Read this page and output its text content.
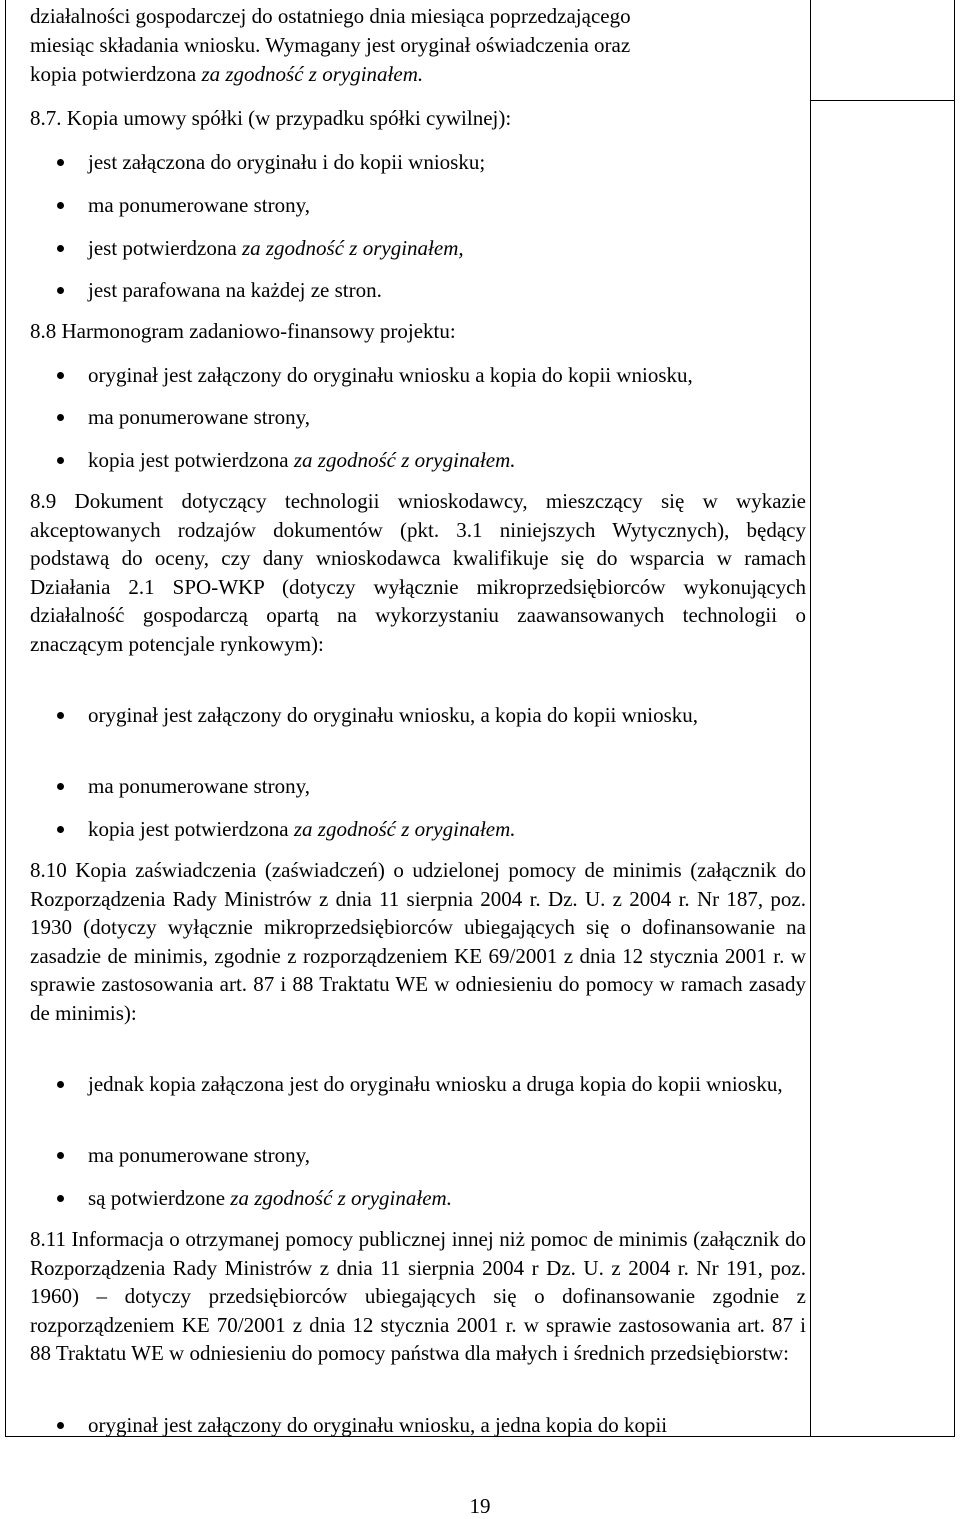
działalności gospodarczej do ostatniego dnia miesiąca poprzedzającego
miesiąc składania wniosku. Wymagany jest oryginał oświadczenia oraz
kopia potwierdzona za zgodność z oryginałem.
8.7. Kopia umowy spółki (w przypadku spółki cywilnej):
jest załączona do oryginału i do kopii wniosku;
ma ponumerowane strony,
jest potwierdzona za zgodność z oryginałem,
jest parafowana na każdej ze stron.
8.8 Harmonogram zadaniowo-finansowy projektu:
oryginał jest załączony do oryginału wniosku a kopia do kopii wniosku,
ma ponumerowane strony,
kopia jest potwierdzona za zgodność z oryginałem.
8.9 Dokument dotyczący technologii wnioskodawcy, mieszczący się w wykazie akceptowanych rodzajów dokumentów (pkt. 3.1 niniejszych Wytycznych), będący podstawą do oceny, czy dany wnioskodawca kwalifikuje się do wsparcia w ramach Działania 2.1 SPO-WKP (dotyczy wyłącznie mikroprzedsiębiorców wykonujących działalność gospodarczą opartą na wykorzystaniu zaawansowanych technologii o znaczącym potencjale rynkowym):
oryginał jest załączony do oryginału wniosku, a kopia do kopii wniosku,
ma ponumerowane strony,
kopia jest potwierdzona za zgodność z oryginałem.
8.10 Kopia zaświadczenia (zaświadczeń) o udzielonej pomocy de minimis (załącznik do Rozporządzenia Rady Ministrów z dnia 11 sierpnia 2004 r. Dz. U. z 2004 r. Nr 187, poz. 1930 (dotyczy wyłącznie mikroprzedsiębiorców ubiegających się o dofinansowanie na zasadzie de minimis, zgodnie z rozporządzeniem KE 69/2001 z dnia 12 stycznia 2001 r. w sprawie zastosowania art. 87 i 88 Traktatu WE w odniesieniu do pomocy w ramach zasady de minimis):
jednak kopia załączona jest do oryginału wniosku a druga kopia do kopii wniosku,
ma ponumerowane strony,
są potwierdzone za zgodność z oryginałem.
8.11 Informacja o otrzymanej pomocy publicznej innej niż pomoc de minimis (załącznik do Rozporządzenia Rady Ministrów z dnia 11 sierpnia 2004 r Dz. U. z 2004 r. Nr 191, poz. 1960) – dotyczy przedsiębiorców ubiegających się o dofinansowanie zgodnie z rozporządzeniem KE 70/2001 z dnia 12 stycznia 2001 r. w sprawie zastosowania art. 87 i 88 Traktatu WE w odniesieniu do pomocy państwa dla małych i średnich przedsiębiorstw:
oryginał jest załączony do oryginału wniosku, a jedna kopia do kopii
19
